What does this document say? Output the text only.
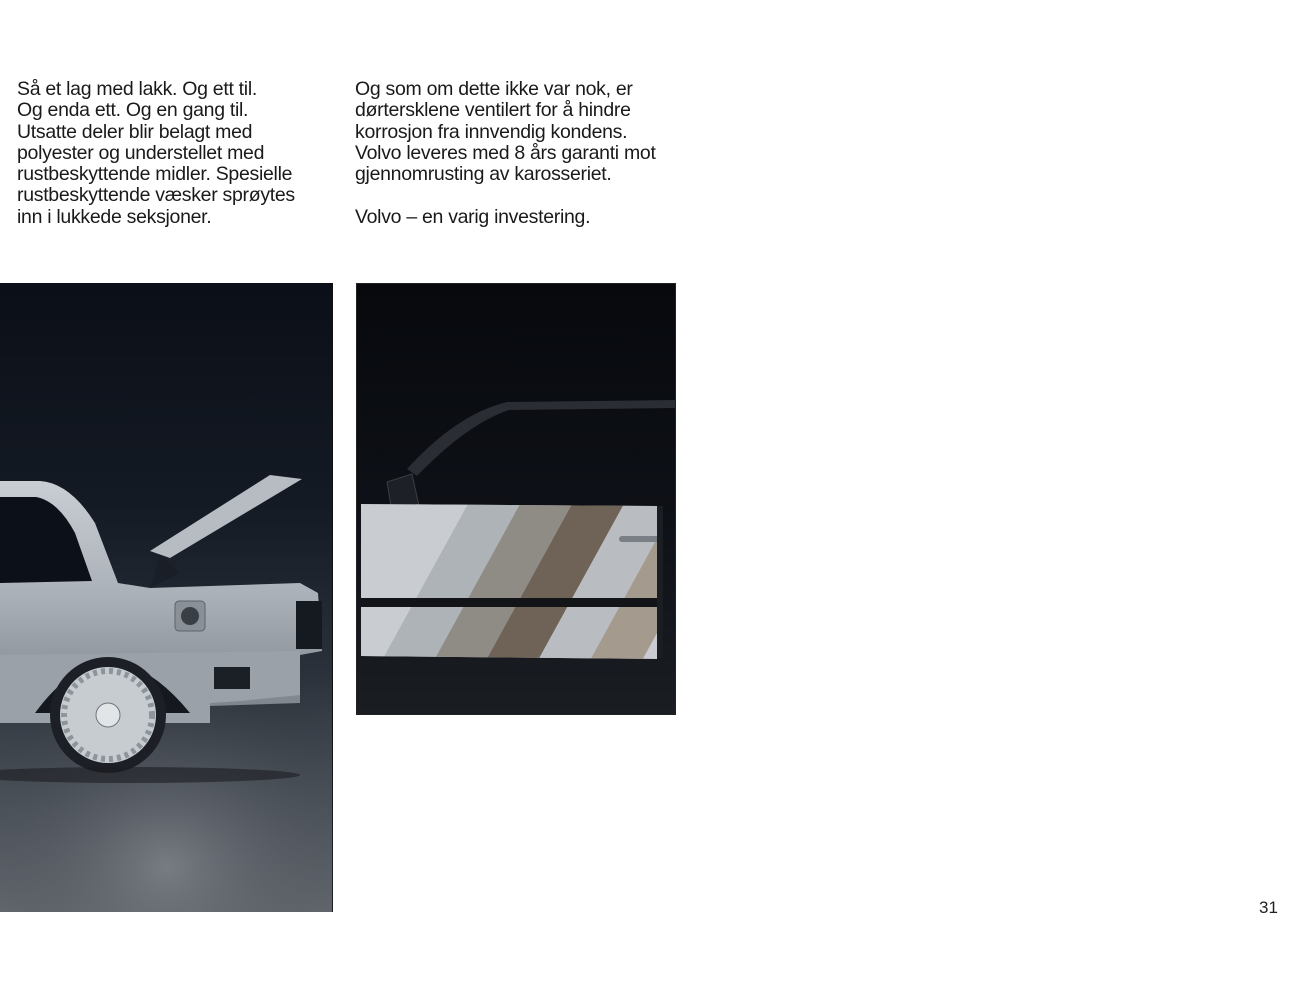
Så et lag med lakk. Og ett til.
Og enda ett. Og en gang til.
Utsatte deler blir belagt med
polyester og understellet med
rustbeskyttende midler. Spesielle
rustbeskyttende væsker sprøytes
inn i lukkede seksjoner.
Og som om dette ikke var nok, er
dørtersklene ventilert for å hindre
korrosjon fra innvendig kondens.
Volvo leveres med 8 års garanti mot
gjennomrusting av karosseriet.
Volvo – en varig investering.
31
